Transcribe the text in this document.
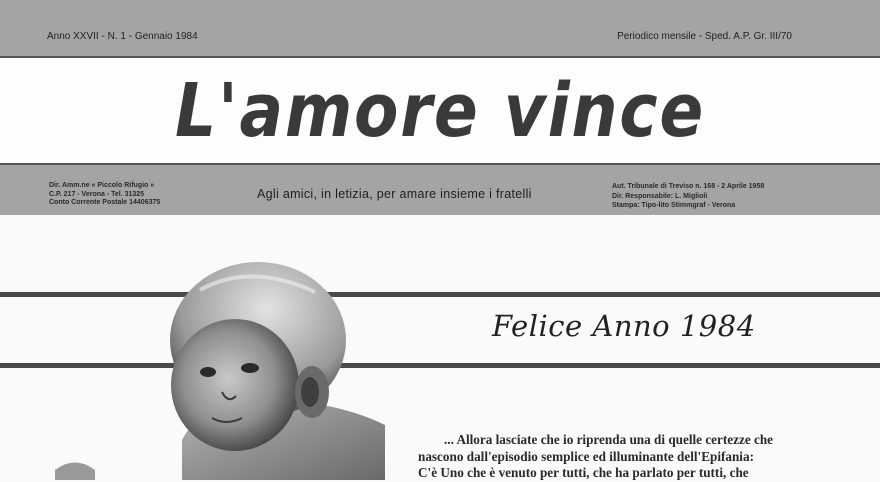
Anno XXVII - N. 1 - Gennaio 1984	Periodico mensile - Sped. A.P. Gr. III/70
L'amore vince
Dir. Amm.ne « Piccolo Rifugio »
C.P. 217 - Verona - Tel. 31325
Conto Corrente Postale 14406375
Agli amici, in letizia, per amare insieme i fratelli
Aut. Tribunale di Treviso n. 168 - 2 Aprile 1958
Dir. Responsabile: L. Miglioli
Stampa: Tipo-lito Stimmgraf - Verona
Felice Anno 1984
... Allora lasciate che io riprenda una di quelle certezze che
nascono dall'episodio semplice ed illuminante dell'Epifania:
C'è Uno che è venuto per tutti, che ha parlato per tutti, che
